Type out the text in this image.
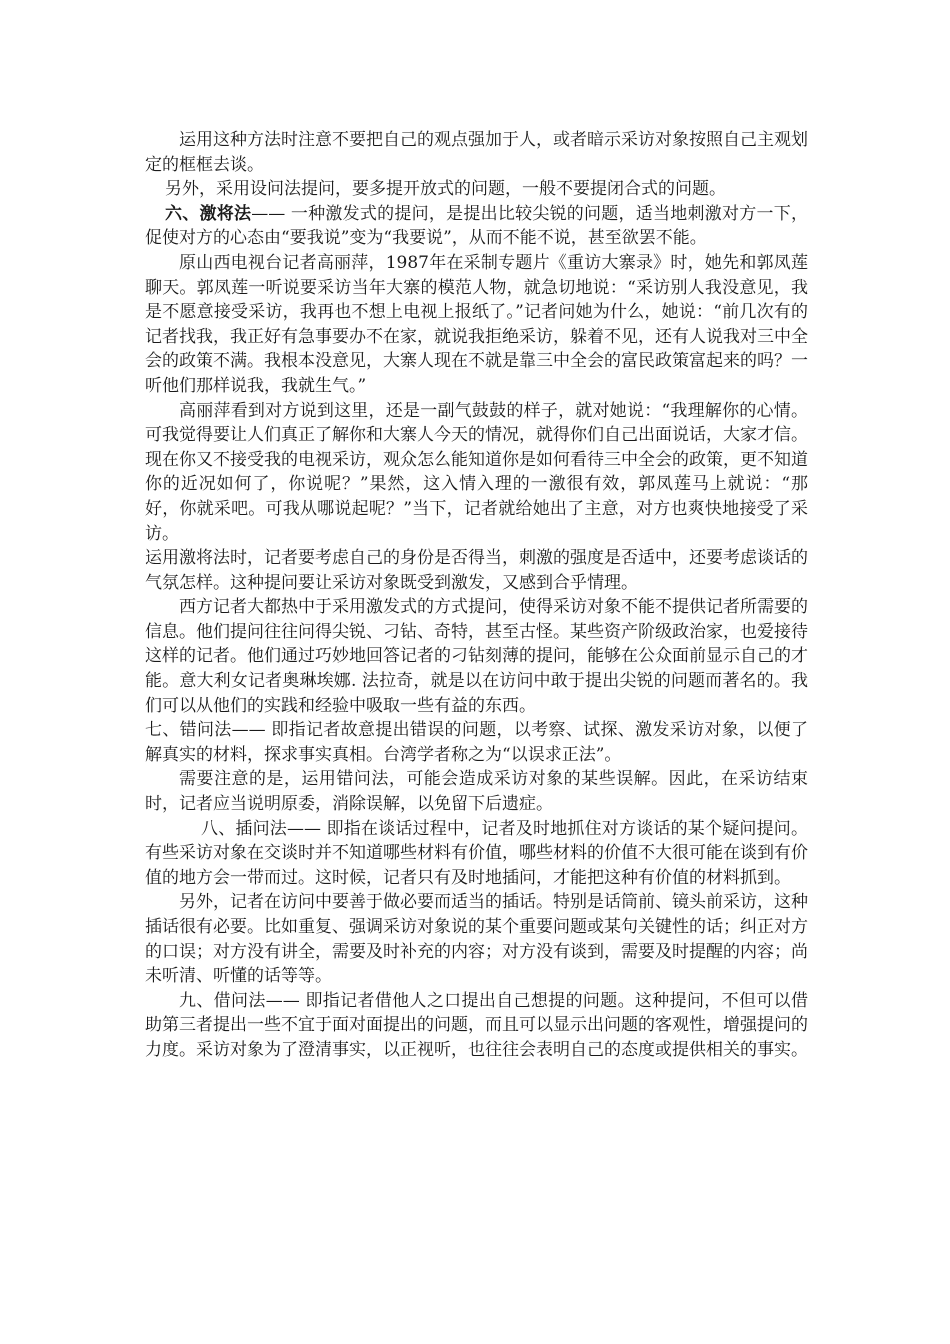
运用这种方法时注意不要把自己的观点强加于人，或者暗示采访对象按照自己主观划定的框框去谈。

另外，采用设问法提问，要多提开放式的问题，一般不要提闭合式的问题。

六、激将法—— 一种激发式的提问，是提出比较尖锐的问题，适当地刺激对方一下，促使对方的心态由“要我说”变为“我要说”，从而不能不说，甚至欲罢不能。

原山西电视台记者高丽萍，1987年在采制专题片《重访大寨录》时，她先和郭凤莲聊天。郭凤莲一听说要采访当年大寨的模范人物，就急切地说：“采访别人我没意见，我是不愿意接受采访，我再也不想上电视上报纸了。”记者问她为什么，她说：“前几次有的记者找我，我正好有急事要办不在家，就说我拒绝采访，躲着不见，还有人说我对三中全会的政策不满。我根本没意见，大寨人现在不就是靠三中全会的富民政策富起来的吗？一听他们那样说我，我就生气。”

高丽萍看到对方说到这里，还是一副气鼓鼓的样子，就对她说：“我理解你的心情。可我觉得要让人们真正了解你和大寨人今天的情况，就得你们自己出面说话，大家才信。现在你又不接受我的电视采访，观众怎么能知道你是如何看待三中全会的政策，更不知道你的近况如何了，你说呢？”果然，这入情入理的一激很有效，郭凤莲马上就说：“那好，你就采吧。可我从哪说起呢？”当下，记者就给她出了主意，对方也爽快地接受了采访。

运用激将法时，记者要考虑自己的身份是否得当，刺激的强度是否适中，还要考虑谈话的气氛怎样。这种提问要让采访对象既受到激发，又感到合乎情理。

西方记者大都热中于采用激发式的方式提问，使得采访对象不能不提供记者所需要的信息。他们提问往往问得尖锐、刁钻、奇特，甚至古怪。某些资产阶级政治家，也爱接待这样的记者。他们通过巧妙地回答记者的刁钻刻薄的提问，能够在公众面前显示自己的才能。意大利女记者奥琳埃娜. 法拉奇，就是以在访问中敢于提出尖锐的问题而著名的。我们可以从他们的实践和经验中吸取一些有益的东西。

七、错问法—— 即指记者故意提出错误的问题，以考察、试探、激发采访对象，以便了解真实的材料，探求事实真相。台湾学者称之为“以误求正法”。

需要注意的是，运用错问法，可能会造成采访对象的某些误解。因此，在采访结束时，记者应当说明原委，消除误解，以免留下后遗症。

八、插问法—— 即指在谈话过程中，记者及时地抓住对方谈话的某个疑问提问。有些采访对象在交谈时并不知道哪些材料有价值，哪些材料的价值不大很可能在谈到有价值的地方会一带而过。这时候，记者只有及时地插问，才能把这种有价值的材料抓到。

另外，记者在访问中要善于做必要而适当的插话。特别是话筒前、镜头前采访，这种插话很有必要。比如重复、强调采访对象说的某个重要问题或某句关键性的话；纠正对方的口误；对方没有讲全，需要及时补充的内容；对方没有谈到，需要及时提醒的内容；尚未听清、听懂的话等等。

九、借问法—— 即指记者借他人之口提出自己想提的问题。这种提问，不但可以借助第三者提出一些不宜于面对面提出的问题，而且可以显示出问题的客观性，增强提问的力度。采访对象为了澄清事实，以正视听，也往往会表明自己的态度或提供相关的事实。
